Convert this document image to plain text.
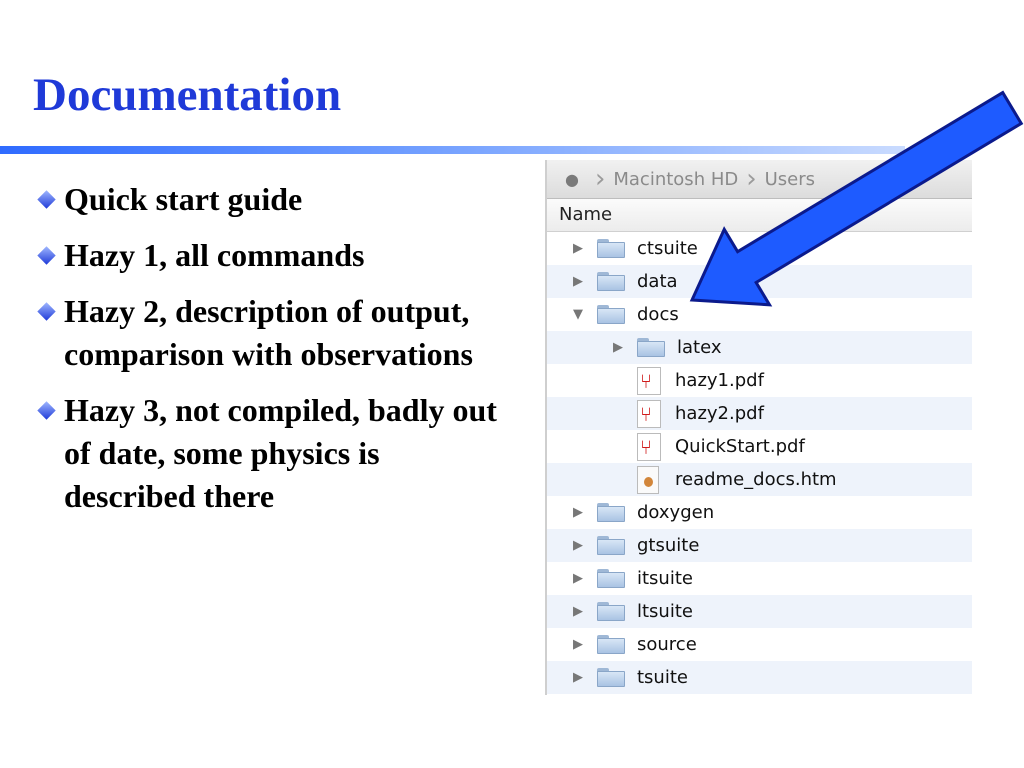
Documentation
Quick start guide
Hazy 1, all commands
Hazy 2, description of output, comparison with observations
Hazy 3, not compiled, badly out of date, some physics is described there
● › Macintosh HD › Users
Name
▶	ctsuite
▶	data
▼	docs
▶	latex
⑂
hazy1.pdf
⑂
hazy2.pdf
⑂
QuickStart.pdf
readme_docs.htm
▶	doxygen
▶	gtsuite
▶	itsuite
▶	ltsuite
▶	source
▶	tsuite
